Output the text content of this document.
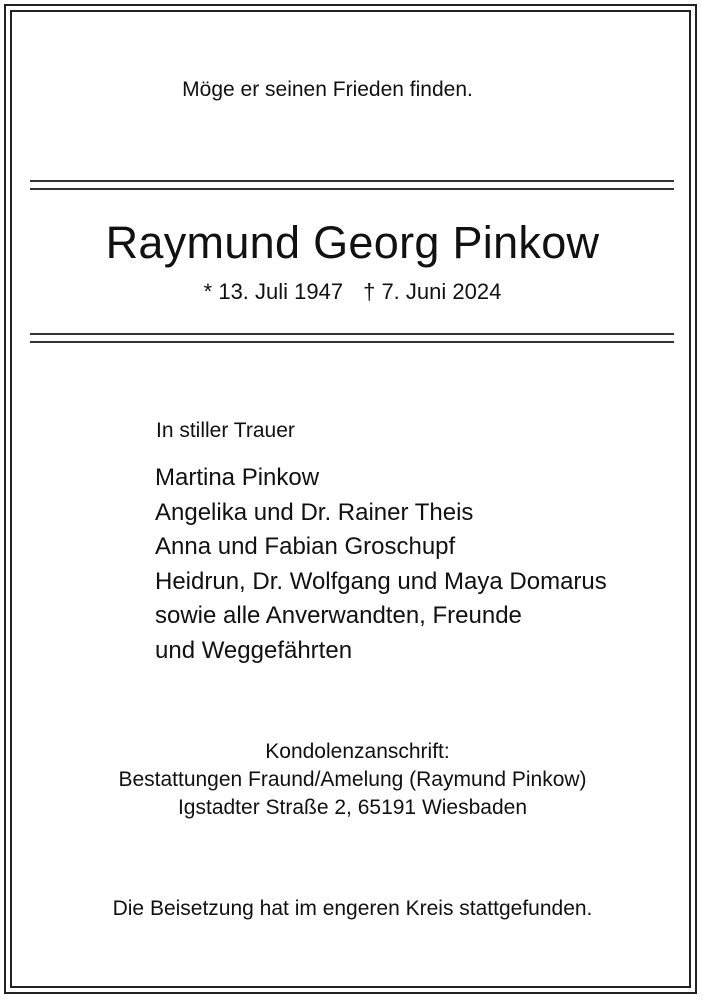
Möge er seinen Frieden finden.
Raymund Georg Pinkow
* 13. Juli 1947 † 7. Juni 2024
In stiller Trauer
Martina Pinkow
Angelika und Dr. Rainer Theis
Anna und Fabian Groschupf
Heidrun, Dr. Wolfgang und Maya Domarus
sowie alle Anverwandten, Freunde
und Weggefährten
Kondolenzanschrift:
Bestattungen Fraund/Amelung (Raymund Pinkow)
Igstadter Straße 2, 65191 Wiesbaden
Die Beisetzung hat im engeren Kreis stattgefunden.
